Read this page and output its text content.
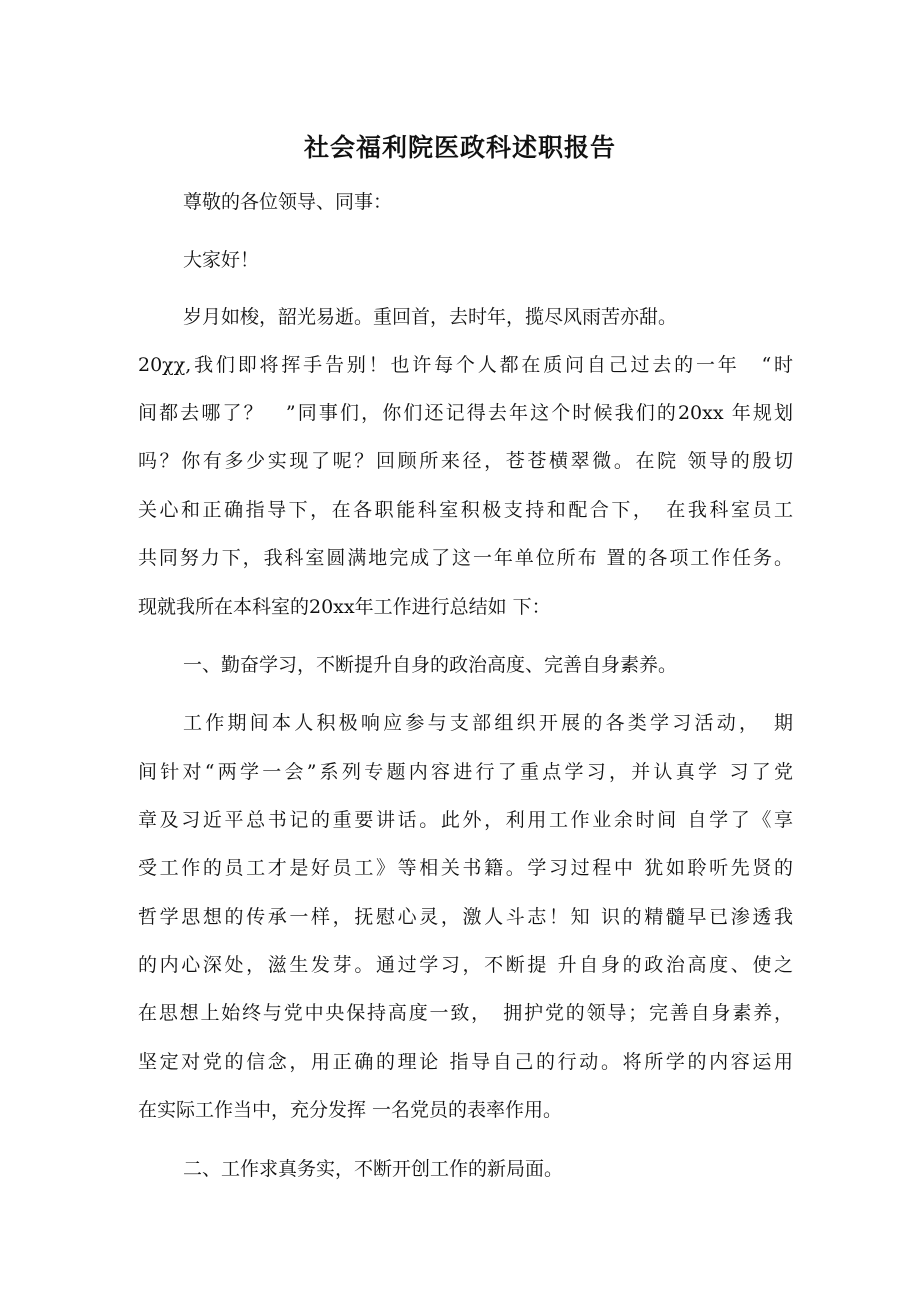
社会福利院医政科述职报告

尊敬的各位领导、同事：

大家好！

岁月如梭，韶光易逝。重回首，去时年，揽尽风雨苦亦甜。

20χχ,我们即将挥手告别！也许每个人都在质问自己过去的一年　“时

间都去哪了？　”同事们，你们还记得去年这个时候我们的20xx 年规划

吗？你有多少实现了呢？回顾所来径，苍苍横翠微。在院 领导的殷切

关心和正确指导下，在各职能科室积极支持和配合下，　在我科室员工

共同努力下，我科室圆满地完成了这一年单位所布 置的各项工作任务。

现就我所在本科室的20xx年工作进行总结如 下：

一、勤奋学习，不断提升自身的政治高度、完善自身素养。

工作期间本人积极响应参与支部组织开展的各类学习活动，　期

间针对“两学一会”系列专题内容进行了重点学习，并认真学 习了党

章及习近平总书记的重要讲话。此外，利用工作业余时间 自学了《享

受工作的员工才是好员工》等相关书籍。学习过程中 犹如聆听先贤的

哲学思想的传承一样，抚慰心灵，激人斗志！知 识的精髓早已渗透我

的内心深处，滋生发芽。通过学习，不断提 升自身的政治高度、使之

在思想上始终与党中央保持高度一致，　拥护党的领导；完善自身素养，

坚定对党的信念，用正确的理论 指导自己的行动。将所学的内容运用

在实际工作当中，充分发挥 一名党员的表率作用。

二、工作求真务实，不断开创工作的新局面。
